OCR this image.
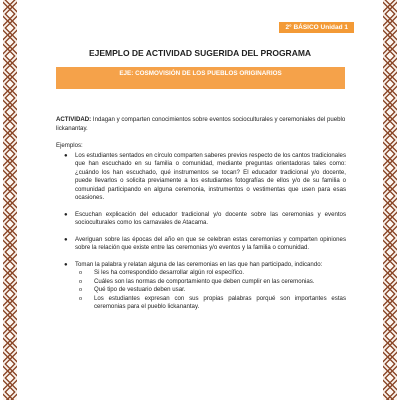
2° BÁSICO Unidad 1
EJEMPLO DE ACTIVIDAD SUGERIDA DEL PROGRAMA
EJE: COSMOVISIÓN DE LOS PUEBLOS ORIGINARIOS

ACTIVIDAD: Indagan y comparten conocimientos sobre eventos socioculturales y ceremoniales del pueblo lickanantay.

Ejemplos:

● Los estudiantes sentados en círculo comparten saberes previos respecto de los cantos tradicionales que han escuchado en su familia o comunidad, mediante preguntas orientadoras tales como: ¿cuándo los han escuchado, qué instrumentos se tocan? El educador tradicional y/o docente, puede llevarlos o solicita previamente a los estudiantes fotografías de ellos y/o de su familia o comunidad participando en alguna ceremonia, instrumentos o vestimentas que usen para esas ocasiones.
● Escuchan explicación del educador tradicional y/o docente sobre las ceremonias y eventos socioculturales como los carnavales de Atacama.
● Averiguan sobre las épocas del año en que se celebran estas ceremonias y comparten opiniones sobre la relación que existe entre las ceremonias y/o eventos y la familia o comunidad.
● Toman la palabra y relatan alguna de las ceremonias en las que han participado, indicando:
o Si les ha correspondido desarrollar algún rol específico.
o Cuáles son las normas de comportamiento que deben cumplir en las ceremonias.
o Qué tipo de vestuario deben usar.
o Los estudiantes expresan con sus propias palabras porqué son importantes estas ceremonias para el pueblo lickanantay.
